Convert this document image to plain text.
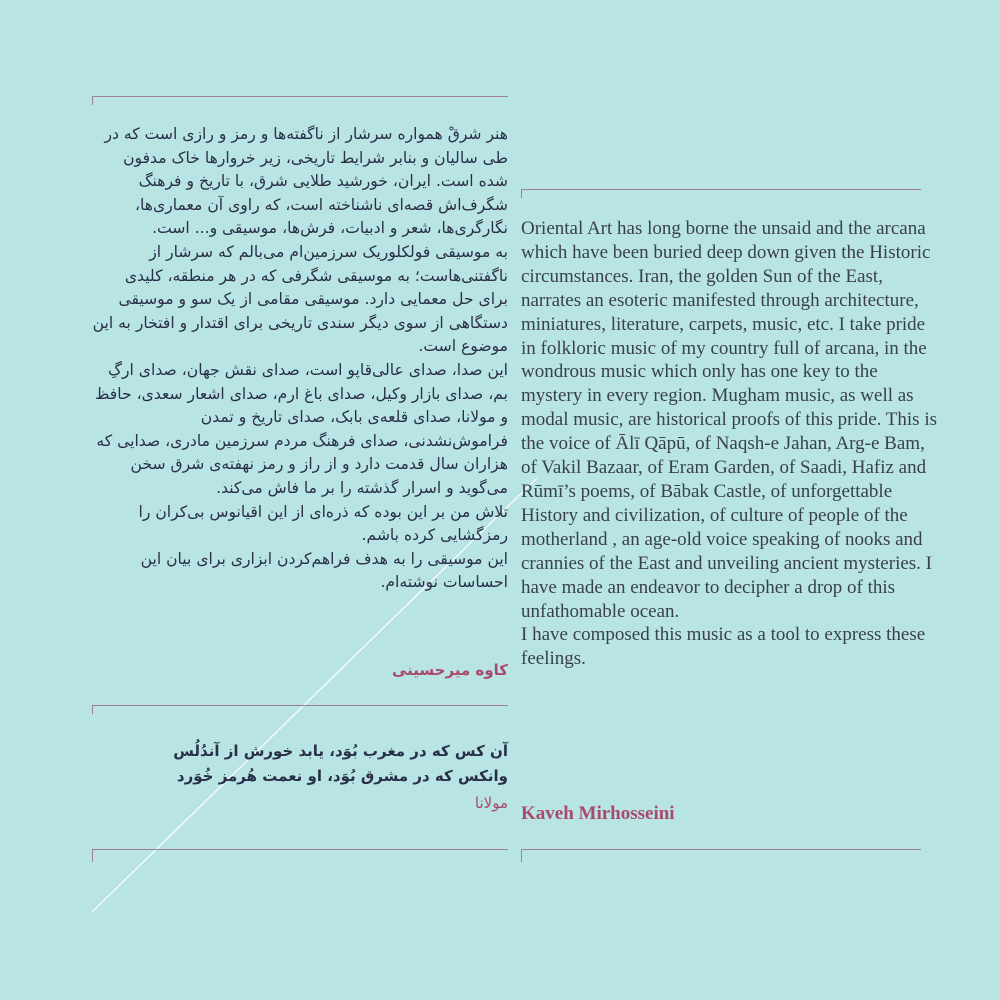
هنر شرقْ همواره سرشار از ناگفته‌ها و رمز و رازی است که در طی سالیان و بنابر شرایط تاریخی، زیر خروارها خاک مدفون شده است. ایران، خورشید طلایی شرق، با تاریخ و فرهنگ شگرف‌اش قصه‌ای ناشناخته است، که راوی آن معماری‌ها، نگارگری‌ها، شعر و ادبیات، فرش‌ها، موسیقی و... است.

به موسیقی فولکلوریک سرزمین‌ام می‌بالم که سرشار از ناگفتنی‌هاست؛ به موسیقی شگرفی که در هر منطقه، کلیدی برای حل معمایی دارد. موسیقی مقامی از یک سو و موسیقی دستگاهی از سوی دیگر سندی تاریخی برای اقتدار و افتخار به این موضوع است.

این صدا، صدای عالی‌قاپو است، صدای نقش جهان، صدای ارگِ بم، صدای بازار وکیل، صدای باغ ارم، صدای اشعار سعدی، حافظ و مولانا، صدای قلعه‌ی بابک، صدای تاریخ و تمدن فراموش‌نشدنی، صدای فرهنگ مردم سرزمین مادری، صدایی که هزاران سال قدمت دارد و از راز و رمز نهفته‌ی شرق سخن می‌گوید و اسرار گذشته را بر ما فاش می‌کند.

تلاش من بر این بوده که ذره‌ای از این اقیانوس بی‌کران را رمزگشایی کرده باشم.

این موسیقی را به هدف فراهم‌کردن ابزاری برای بیان این احساسات نوشته‌ام.

کاوه میرحسینی

آن کس که در مغرب بُوَد، یابد خورش از آندُلُس

وانکس که در مشرق بُوَد، او نعمت هُرمز خُوَرد

مولانا

Oriental Art has long borne the unsaid and the arcana which have been buried deep down given the Historic circumstances. Iran, the golden Sun of the East, narrates an esoteric manifested through architecture, miniatures, literature, carpets, music, etc. I take pride in folkloric music of my country full of arcana, in the wondrous music which only has one key to the mystery in every region. Mugham music, as well as modal music, are historical proofs of this pride. This is the voice of Ālī Qāpū, of Naqsh-e Jahan, Arg-e Bam, of Vakil Bazaar, of Eram Garden, of Saadi, Hafiz and Rūmī’s poems, of Bābak Castle, of unforgettable History and civilization, of culture of people of the motherland , an age-old voice speaking of nooks and crannies of the East and unveiling ancient mysteries. I have made an endeavor to decipher a drop of this unfathomable ocean.

I have composed this music as a tool to express these feelings.

Kaveh Mirhosseini
